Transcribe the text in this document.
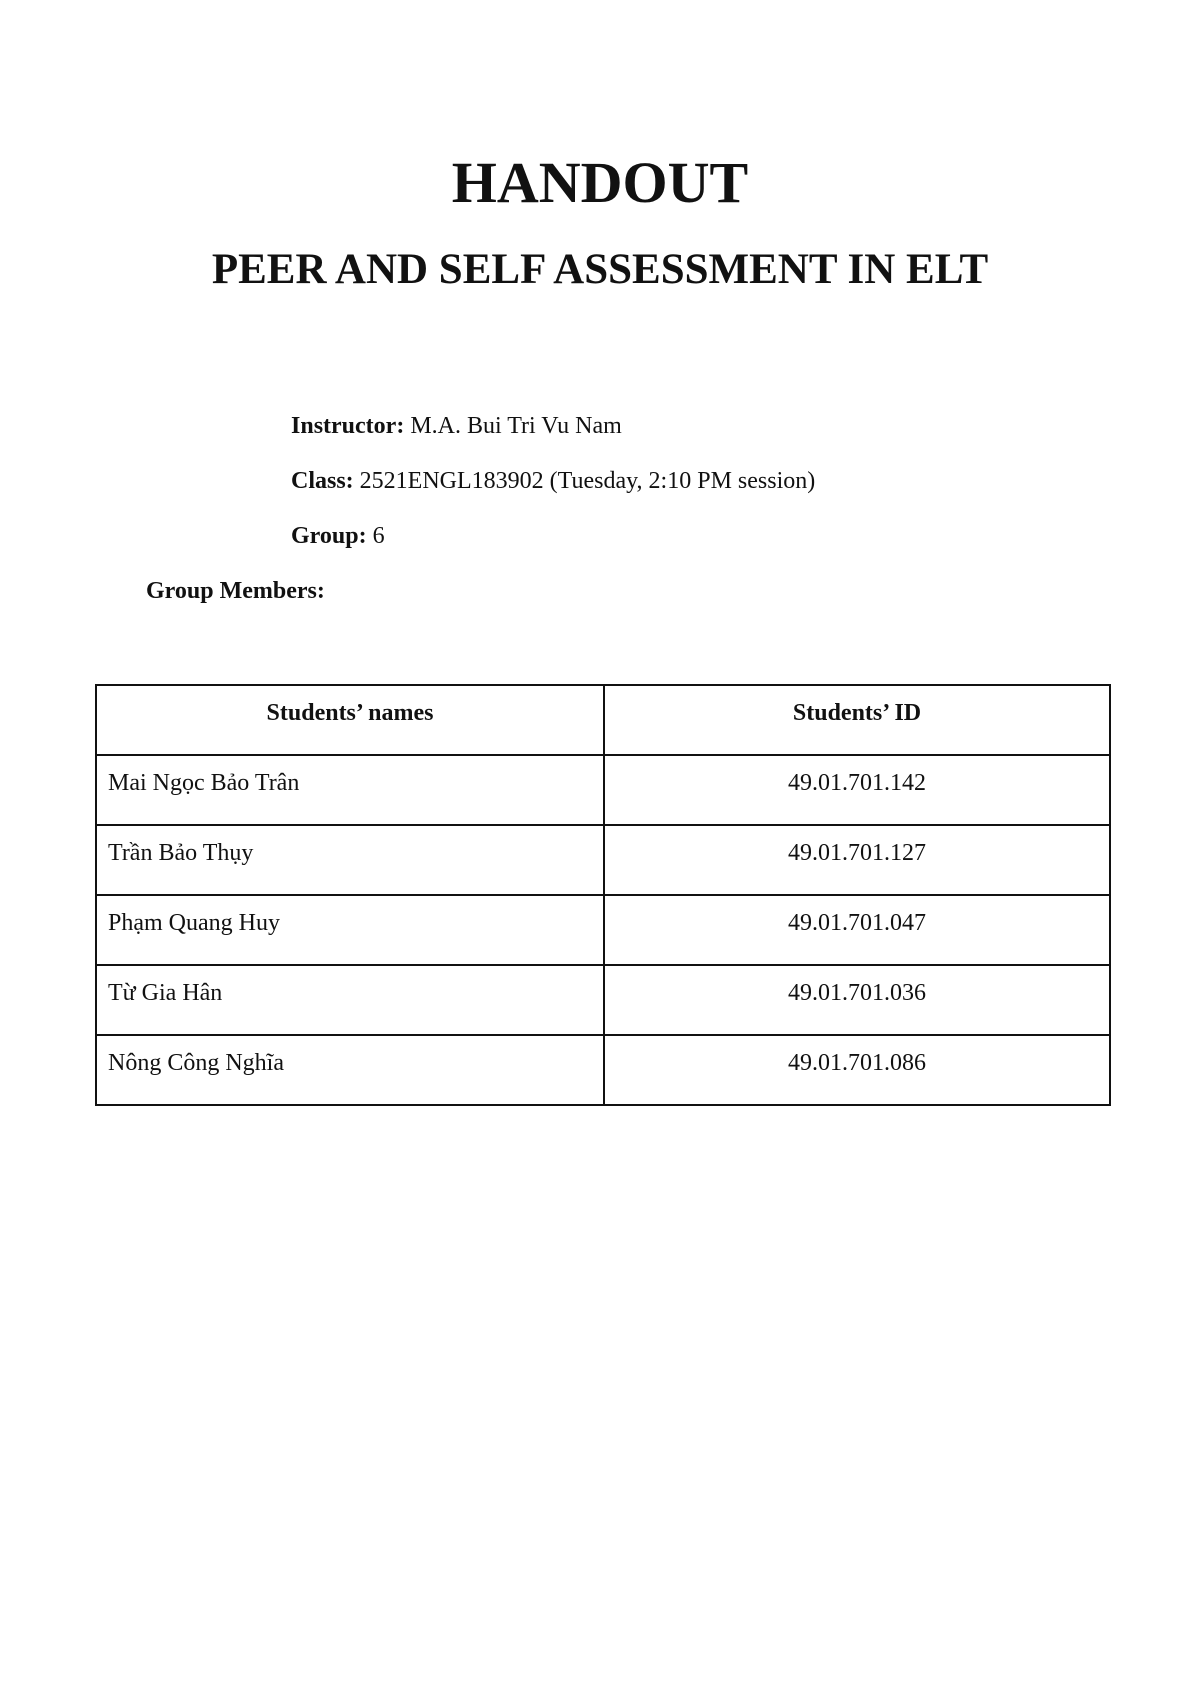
HANDOUT
PEER AND SELF ASSESSMENT IN ELT
Instructor: M.A. Bui Tri Vu Nam
Class: 2521ENGL183902 (Tuesday, 2:10 PM session)
Group: 6
Group Members:
Students’ names	Students’ ID
Mai Ngọc Bảo Trân	49.01.701.142
Trần Bảo Thụy	49.01.701.127
Phạm Quang Huy	49.01.701.047
Từ Gia Hân	49.01.701.036
Nông Công Nghĩa	49.01.701.086
